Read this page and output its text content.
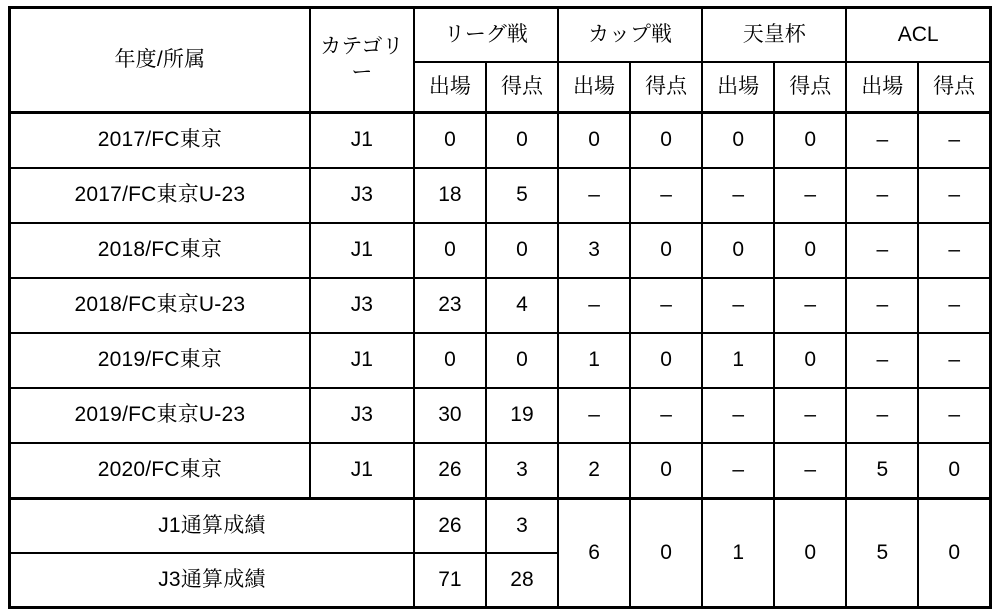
年度/所属	カテゴリー	リーグ戦		カップ戦		天皇杯		ACL	
		出場	得点	出場	得点	出場	得点	出場	得点
2017/FC東京	J1	0	0	0	0	0	0	–	–
2017/FC東京U-23	J3	18	5	–	–	–	–	–	–
2018/FC東京	J1	0	0	3	0	0	0	–	–
2018/FC東京U-23	J3	23	4	–	–	–	–	–	–
2019/FC東京	J1	0	0	1	0	1	0	–	–
2019/FC東京U-23	J3	30	19	–	–	–	–	–	–
2020/FC東京	J1	26	3	2	0	–	–	5	0
J1通算成績		26	3	6	0	1	0	5	0
J3通算成績		71	28						
